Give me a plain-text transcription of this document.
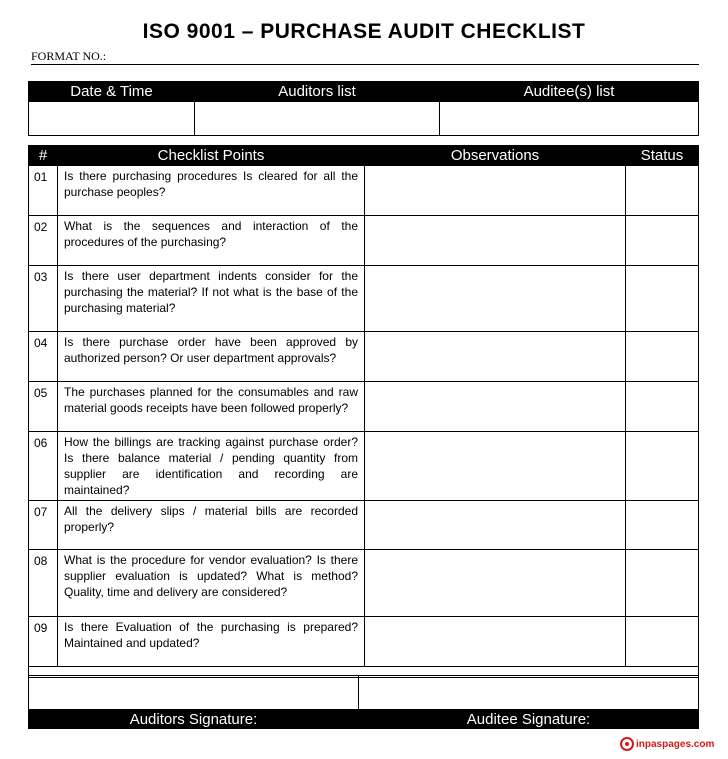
ISO 9001 – PURCHASE AUDIT CHECKLIST
FORMAT NO.:
Date & Time	Auditors list	Auditee(s) list

#	Checklist Points	Observations	Status
01	Is there purchasing procedures Is cleared for all the purchase peoples?		
02	What is the sequences and interaction of the procedures of the purchasing?		
03	Is there user department indents consider for the purchasing the material? If not what is the base of the purchasing material?		
04	Is there purchase order have been approved by authorized person? Or user department approvals?		
05	The purchases planned for the consumables and raw material goods receipts have been followed properly?		
06	How the billings are tracking against purchase order? Is there balance material / pending quantity from supplier are identification and recording are maintained?		
07	All the delivery slips / material bills are recorded properly?		
08	What is the procedure for vendor evaluation? Is there supplier evaluation is updated? What is method? Quality, time and delivery are considered?		
09	Is there Evaluation of the purchasing is prepared? Maintained and updated?		

Auditors Signature:	Auditee Signature:
inpaspages.com
